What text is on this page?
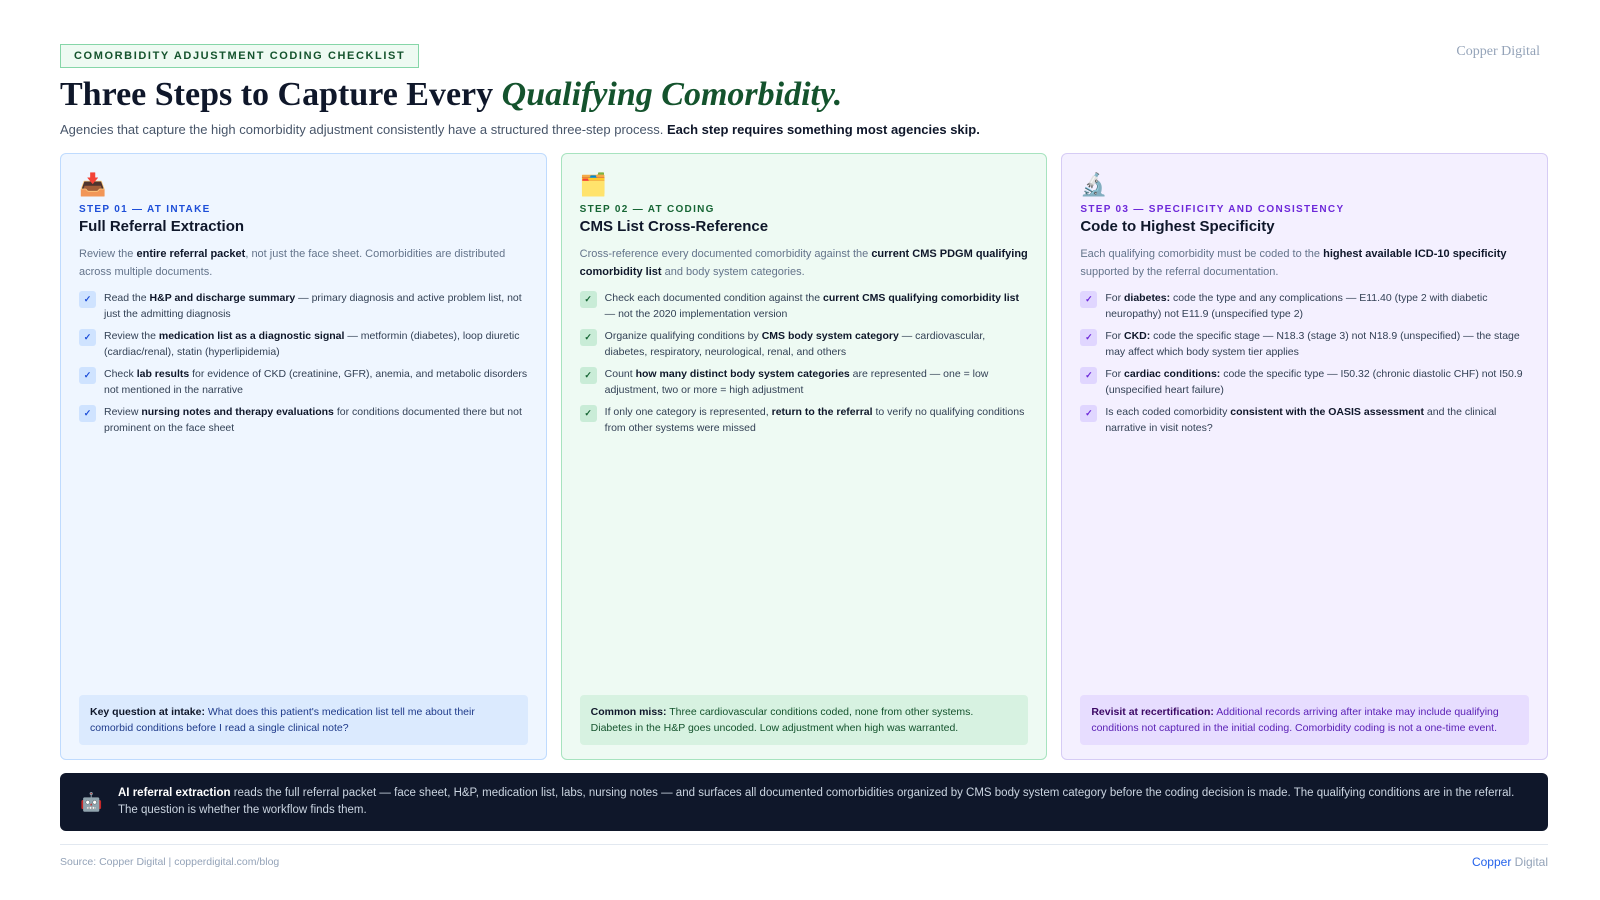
COMORBIDITY ADJUSTMENT CODING CHECKLIST	Copper Digital
Three Steps to Capture Every Qualifying Comorbidity.

Agencies that capture the high comorbidity adjustment consistently have a structured three-step process. Each step requires something most agencies skip.

📥
STEP 01 — AT INTAKE
Full Referral Extraction

Review the entire referral packet, not just the face sheet. Comorbidities are distributed across multiple documents.

✓	Read the H&P and discharge summary — primary diagnosis and active problem list, not just the admitting diagnosis
✓	Review the medication list as a diagnostic signal — metformin (diabetes), loop diuretic (cardiac/renal), statin (hyperlipidemia)
✓	Check lab results for evidence of CKD (creatinine, GFR), anemia, and metabolic disorders not mentioned in the narrative
✓	Review nursing notes and therapy evaluations for conditions documented there but not prominent on the face sheet
Key question at intake: What does this patient's medication list tell me about their comorbid conditions before I read a single clinical note?
🗂️
STEP 02 — AT CODING
CMS List Cross-Reference

Cross-reference every documented comorbidity against the current CMS PDGM qualifying comorbidity list and body system categories.

✓	Check each documented condition against the current CMS qualifying comorbidity list — not the 2020 implementation version
✓	Organize qualifying conditions by CMS body system category — cardiovascular, diabetes, respiratory, neurological, renal, and others
✓	Count how many distinct body system categories are represented — one = low adjustment, two or more = high adjustment
✓	If only one category is represented, return to the referral to verify no qualifying conditions from other systems were missed
Common miss: Three cardiovascular conditions coded, none from other systems. Diabetes in the H&P goes uncoded. Low adjustment when high was warranted.
🔬
STEP 03 — SPECIFICITY AND CONSISTENCY
Code to Highest Specificity

Each qualifying comorbidity must be coded to the highest available ICD-10 specificity supported by the referral documentation.

✓	For diabetes: code the type and any complications — E11.40 (type 2 with diabetic neuropathy) not E11.9 (unspecified type 2)
✓	For CKD: code the specific stage — N18.3 (stage 3) not N18.9 (unspecified) — the stage may affect which body system tier applies
✓	For cardiac conditions: code the specific type — I50.32 (chronic diastolic CHF) not I50.9 (unspecified heart failure)
✓	Is each coded comorbidity consistent with the OASIS assessment and the clinical narrative in visit notes?
Revisit at recertification: Additional records arriving after intake may include qualifying conditions not captured in the initial coding. Comorbidity coding is not a one-time event.
🤖 AI referral extraction reads the full referral packet — face sheet, H&P, medication list, labs, nursing notes — and surfaces all documented comorbidities organized by CMS body system category before the coding decision is made. The qualifying conditions are in the referral. The question is whether the workflow finds them.

Source: Copper Digital | copperdigital.com/blog	Copper Digital
